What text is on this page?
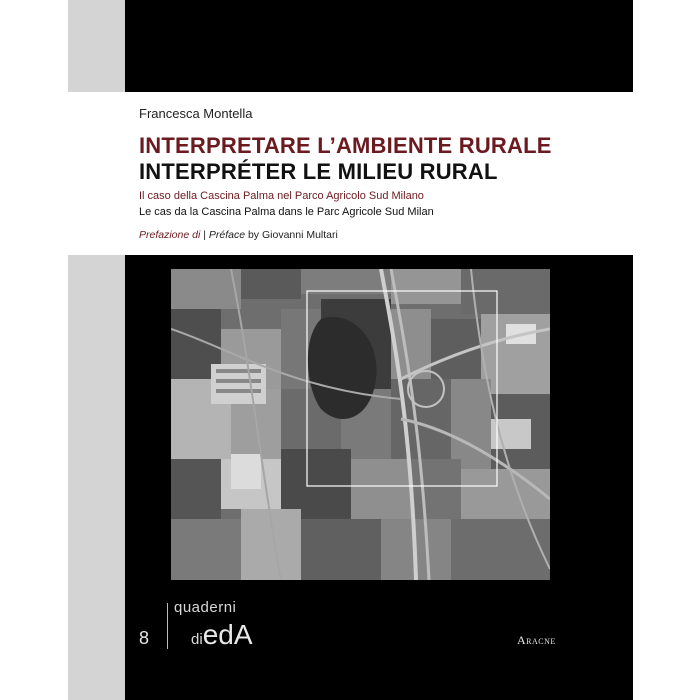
Francesca Montella
INTERPRETARE L’AMBIENTE RURALE
INTERPRÉTER LE MILIEU RURAL
Il caso della Cascina Palma nel Parco Agricolo Sud Milano
Le cas da la Cascina Palma dans le Parc Agricole Sud Milan
Prefazione di | Préface by Giovanni Multari
8
quaderni
diedA	Aracne
